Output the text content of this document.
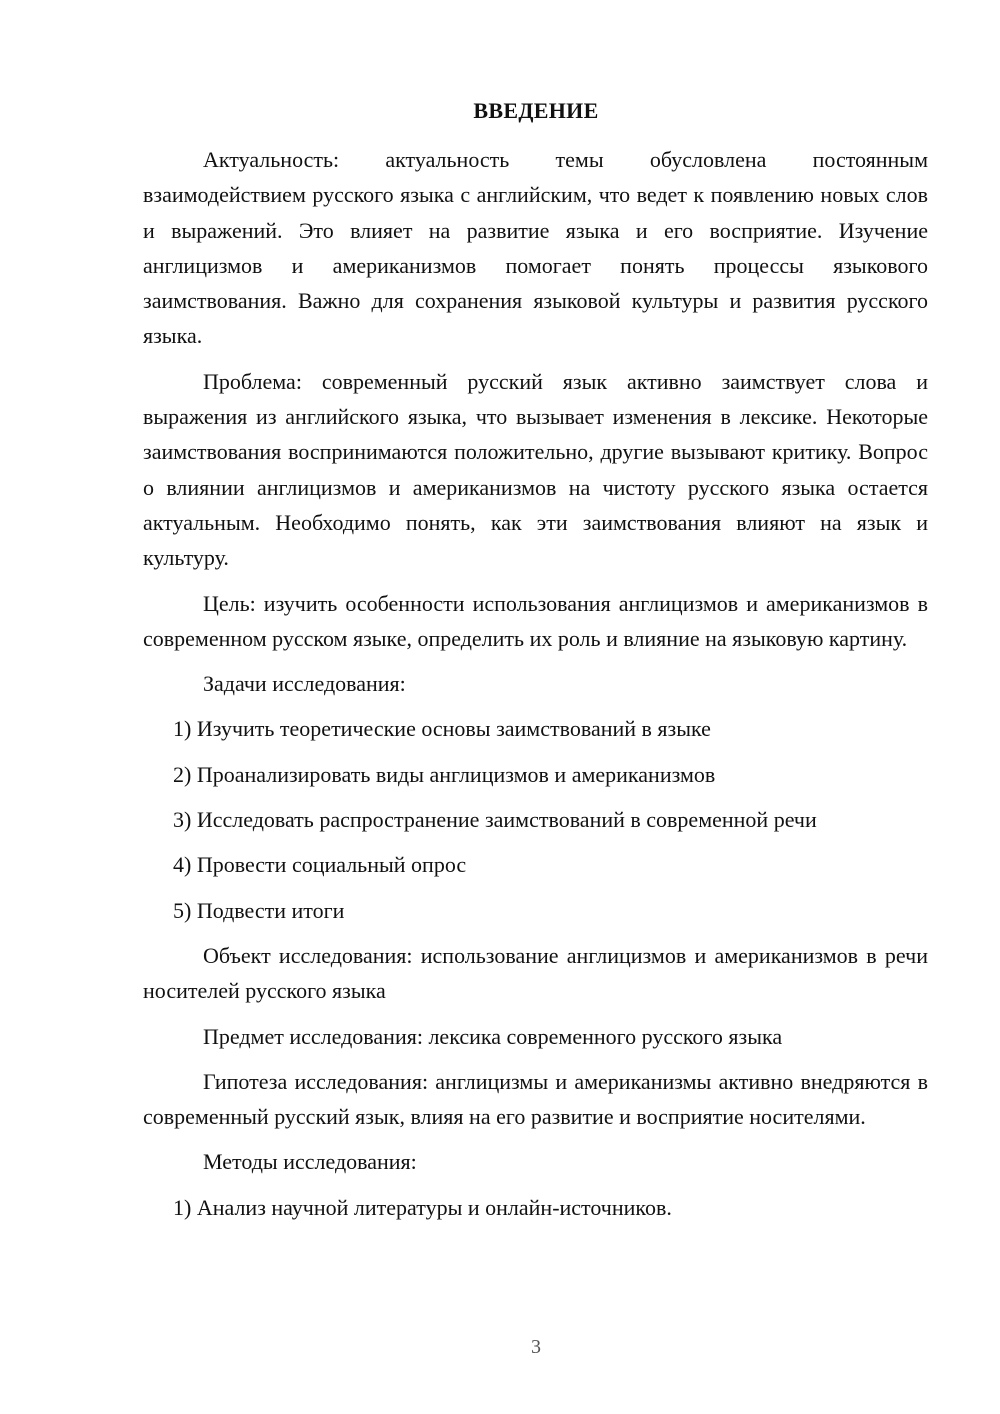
ВВЕДЕНИЕ

Актуальность: актуальность темы обусловлена постоянным взаимодействием русского языка с английским, что ведет к появлению новых слов и выражений. Это влияет на развитие языка и его восприятие. Изучение англицизмов и американизмов помогает понять процессы языкового заимствования. Важно для сохранения языковой культуры и развития русского языка.

Проблема: современный русский язык активно заимствует слова и выражения из английского языка, что вызывает изменения в лексике. Некоторые заимствования воспринимаются положительно, другие вызывают критику. Вопрос о влиянии англицизмов и американизмов на чистоту русского языка остается актуальным. Необходимо понять, как эти заимствования влияют на язык и культуру.

Цель: изучить особенности использования англицизмов и американизмов в современном русском языке, определить их роль и влияние на языковую картину.

Задачи исследования:

1) Изучить теоретические основы заимствований в языке

2) Проанализировать виды англицизмов и американизмов

3) Исследовать распространение заимствований в современной речи

4) Провести социальный опрос

5) Подвести итоги

Объект исследования: использование англицизмов и американизмов в речи носителей русского языка

Предмет исследования: лексика современного русского языка

Гипотеза исследования: англицизмы и американизмы активно внедряются в современный русский язык, влияя на его развитие и восприятие носителями.

Методы исследования:

1) Анализ научной литературы и онлайн-источников.

3
